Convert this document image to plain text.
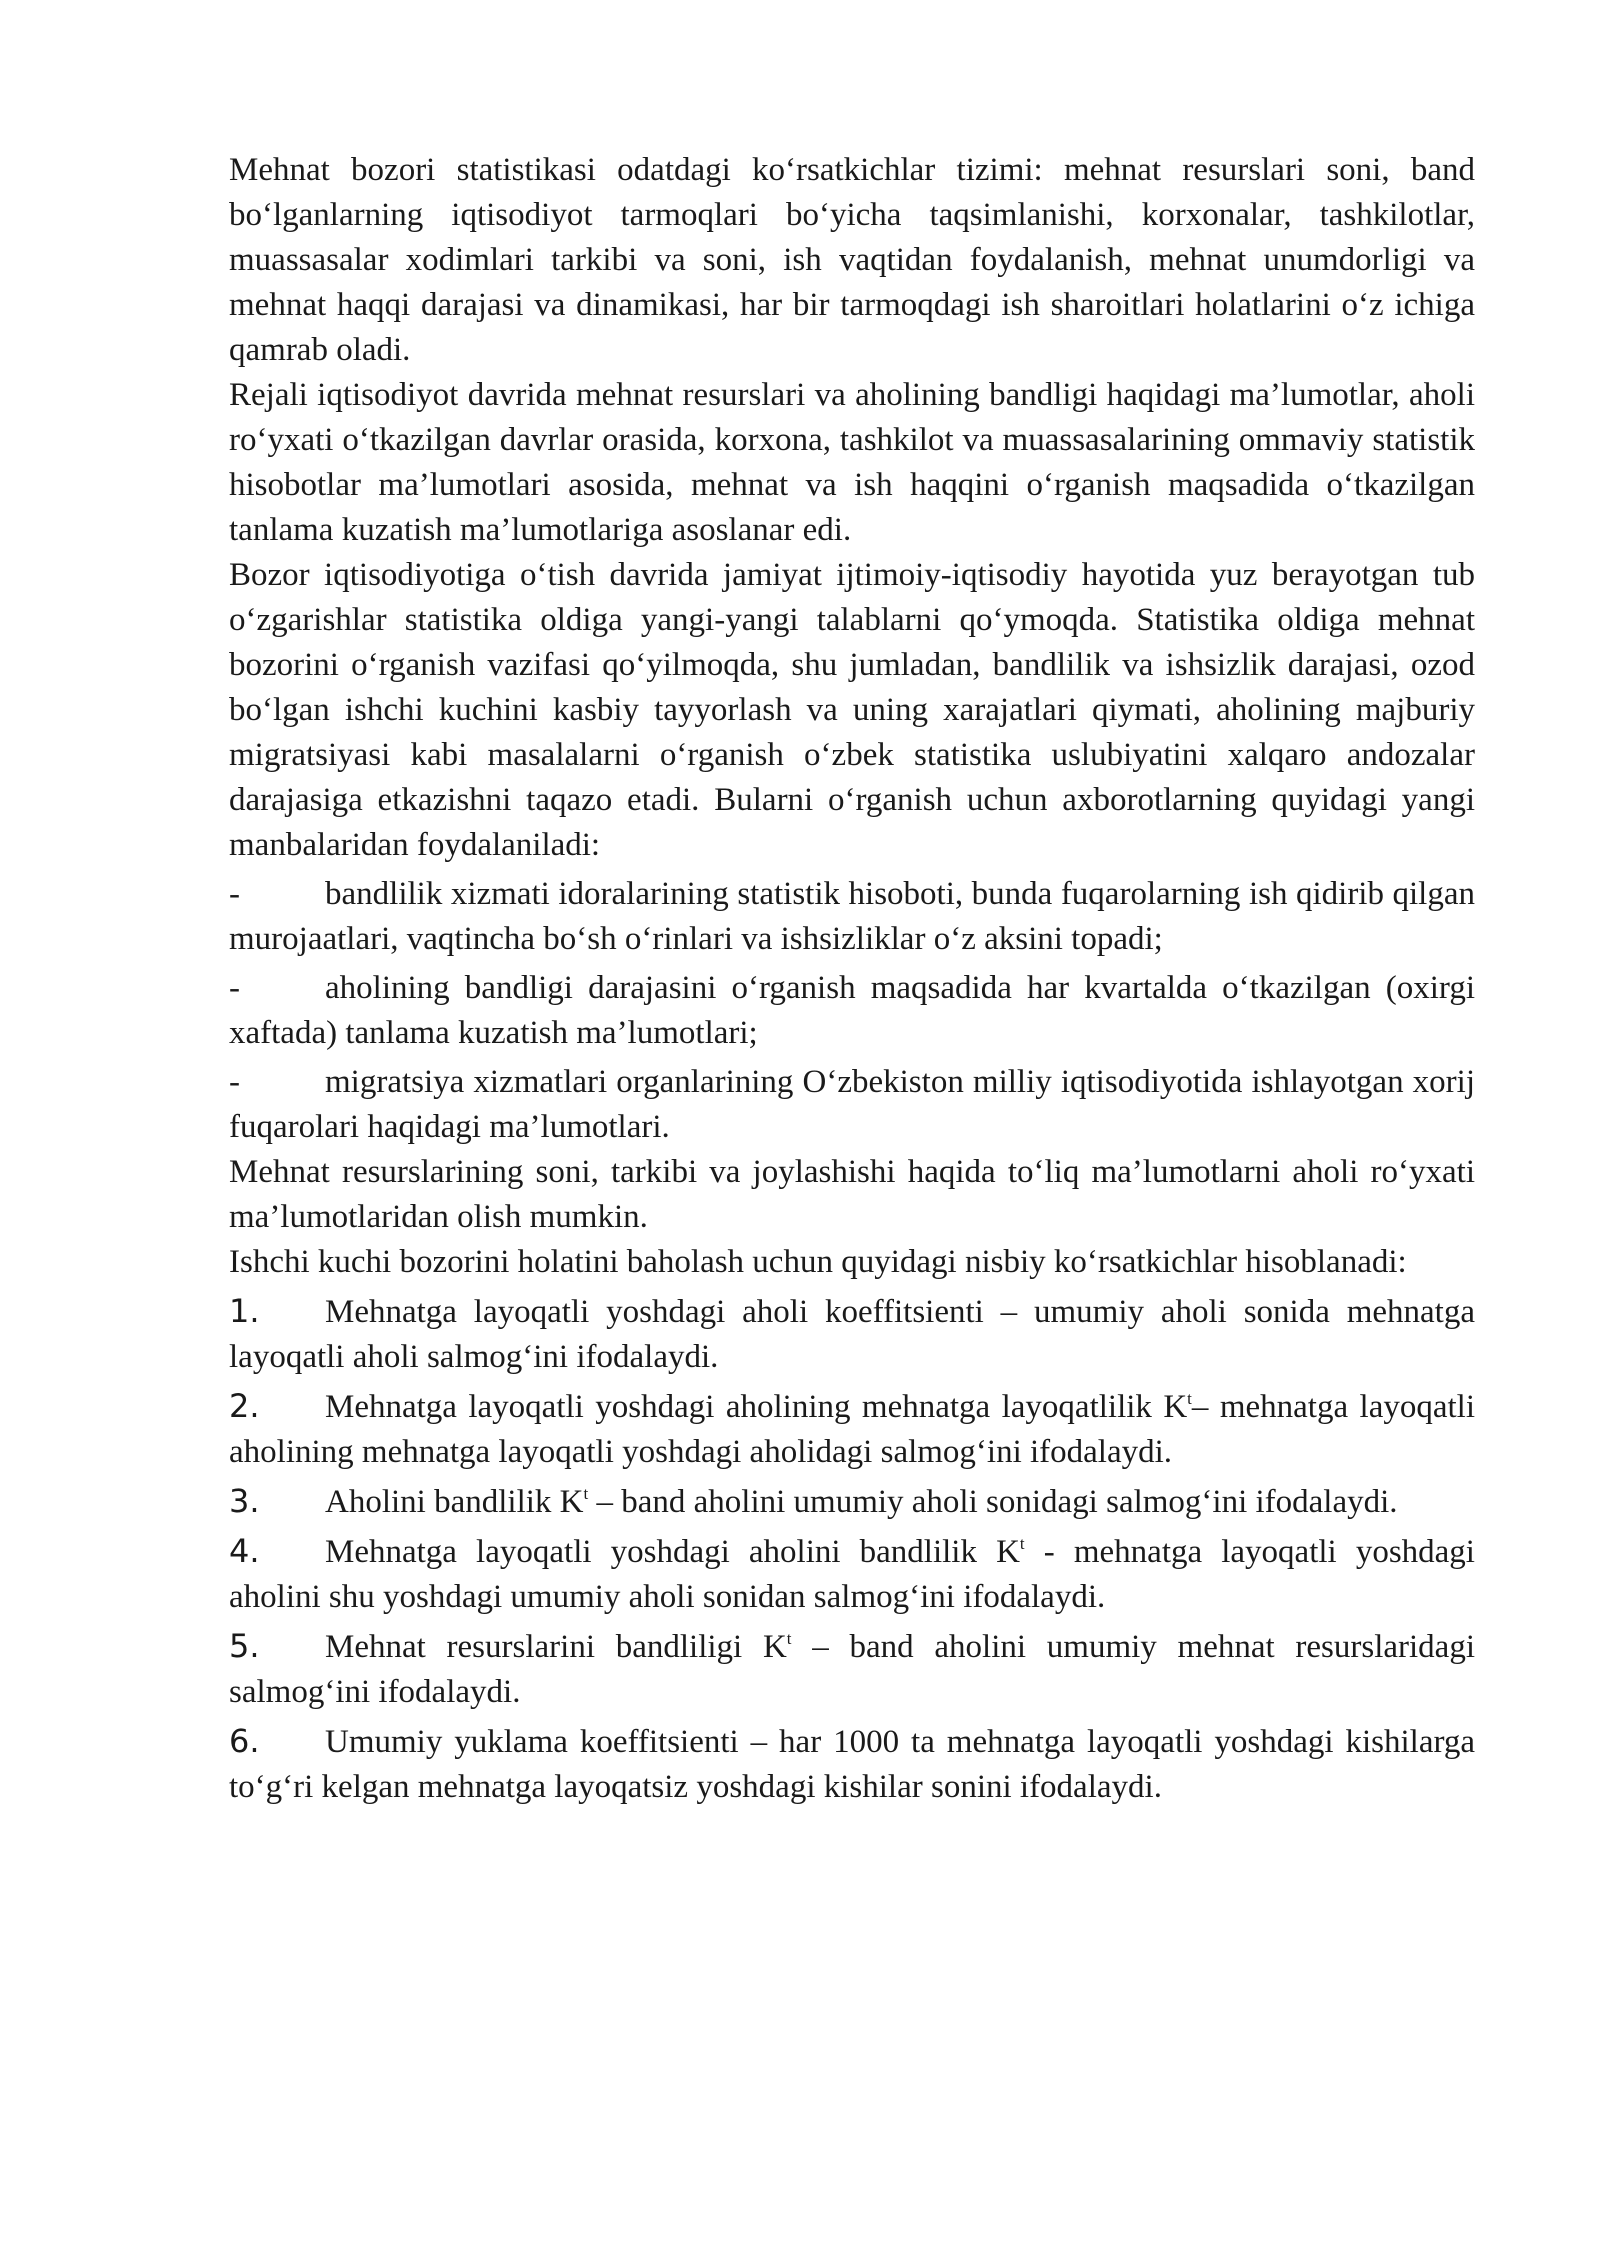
Mehnat bozori statistikasi odatdagi koʻrsatkichlar tizimi: mehnat resurslari soni, band boʻlganlarning iqtisodiyot tarmoqlari boʻyicha taqsimlanishi, korxonalar, tashkilotlar, muassasalar xodimlari tarkibi va soni, ish vaqtidan foydalanish, mehnat unumdorligi va mehnat haqqi darajasi va dinamikasi, har bir tarmoqdagi ish sharoitlari holatlarini oʻz ichiga qamrab oladi.

Rejali iqtisodiyot davrida mehnat resurslari va aholining bandligi haqidagi ma’lumotlar, aholi roʻyxati oʻtkazilgan davrlar orasida, korxona, tashkilot va muassasalarining ommaviy statistik hisobotlar ma’lumotlari asosida, mehnat va ish haqqini oʻrganish maqsadida oʻtkazilgan tanlama kuzatish ma’lumotlariga asoslanar edi.

Bozor iqtisodiyotiga oʻtish davrida jamiyat ijtimoiy-iqtisodiy hayotida yuz berayotgan tub oʻzgarishlar statistika oldiga yangi-yangi talablarni qoʻymoqda. Statistika oldiga mehnat bozorini oʻrganish vazifasi qoʻyilmoqda, shu jumladan, bandlilik va ishsizlik darajasi, ozod boʻlgan ishchi kuchini kasbiy tayyorlash va uning xarajatlari qiymati, aholining majburiy migratsiyasi kabi masalalarni oʻrganish oʻzbek statistika uslubiyatini xalqaro andozalar darajasiga etkazishni taqazo etadi. Bularni oʻrganish uchun axborotlarning quyidagi yangi manbalaridan foydalaniladi:

-	bandlilik xizmati idoralarining statistik hisoboti, bunda fuqarolarning ish qidirib qilgan murojaatlari, vaqtincha boʻsh oʻrinlari va ishsizliklar oʻz aksini topadi;

-	aholining bandligi darajasini oʻrganish maqsadida har kvartalda oʻtkazilgan (oxirgi xaftada) tanlama kuzatish ma’lumotlari;

-	migratsiya xizmatlari organlarining Oʻzbekiston milliy iqtisodiyotida ishlayotgan xorij fuqarolari haqidagi ma’lumotlari.

Mehnat resurslarining soni, tarkibi va joylashishi haqida toʻliq ma’lumotlarni aholi roʻyxati ma’lumotlaridan olish mumkin.

Ishchi kuchi bozorini holatini baholash uchun quyidagi nisbiy koʻrsatkichlar hisoblanadi:

1. Mehnatga layoqatli yoshdagi aholi koeffitsienti – umumiy aholi sonida mehnatga layoqatli aholi salmogʻini ifodalaydi.

2. Mehnatga layoqatli yoshdagi aholining mehnatga layoqatlilik $K^t-$ mehnatga layoqatli aholining mehnatga layoqatli yoshdagi aholidagi salmogʻini ifodalaydi.

3. Aholini bandlilik $K^t$ – band aholini umumiy aholi sonidagi salmogʻini ifodalaydi.

4. Mehnatga layoqatli yoshdagi aholini bandlilik $K^t$ - mehnatga layoqatli yoshdagi aholini shu yoshdagi umumiy aholi sonidan salmogʻini ifodalaydi.

5. Mehnat resurslarini bandliligi $K^t$ – band aholini umumiy mehnat resurslaridagi salmogʻini ifodalaydi.

6. Umumiy yuklama koeffitsienti – har 1000 ta mehnatga layoqatli yoshdagi kishilarga toʻgʻri kelgan mehnatga layoqatsiz yoshdagi kishilar sonini ifodalaydi.
